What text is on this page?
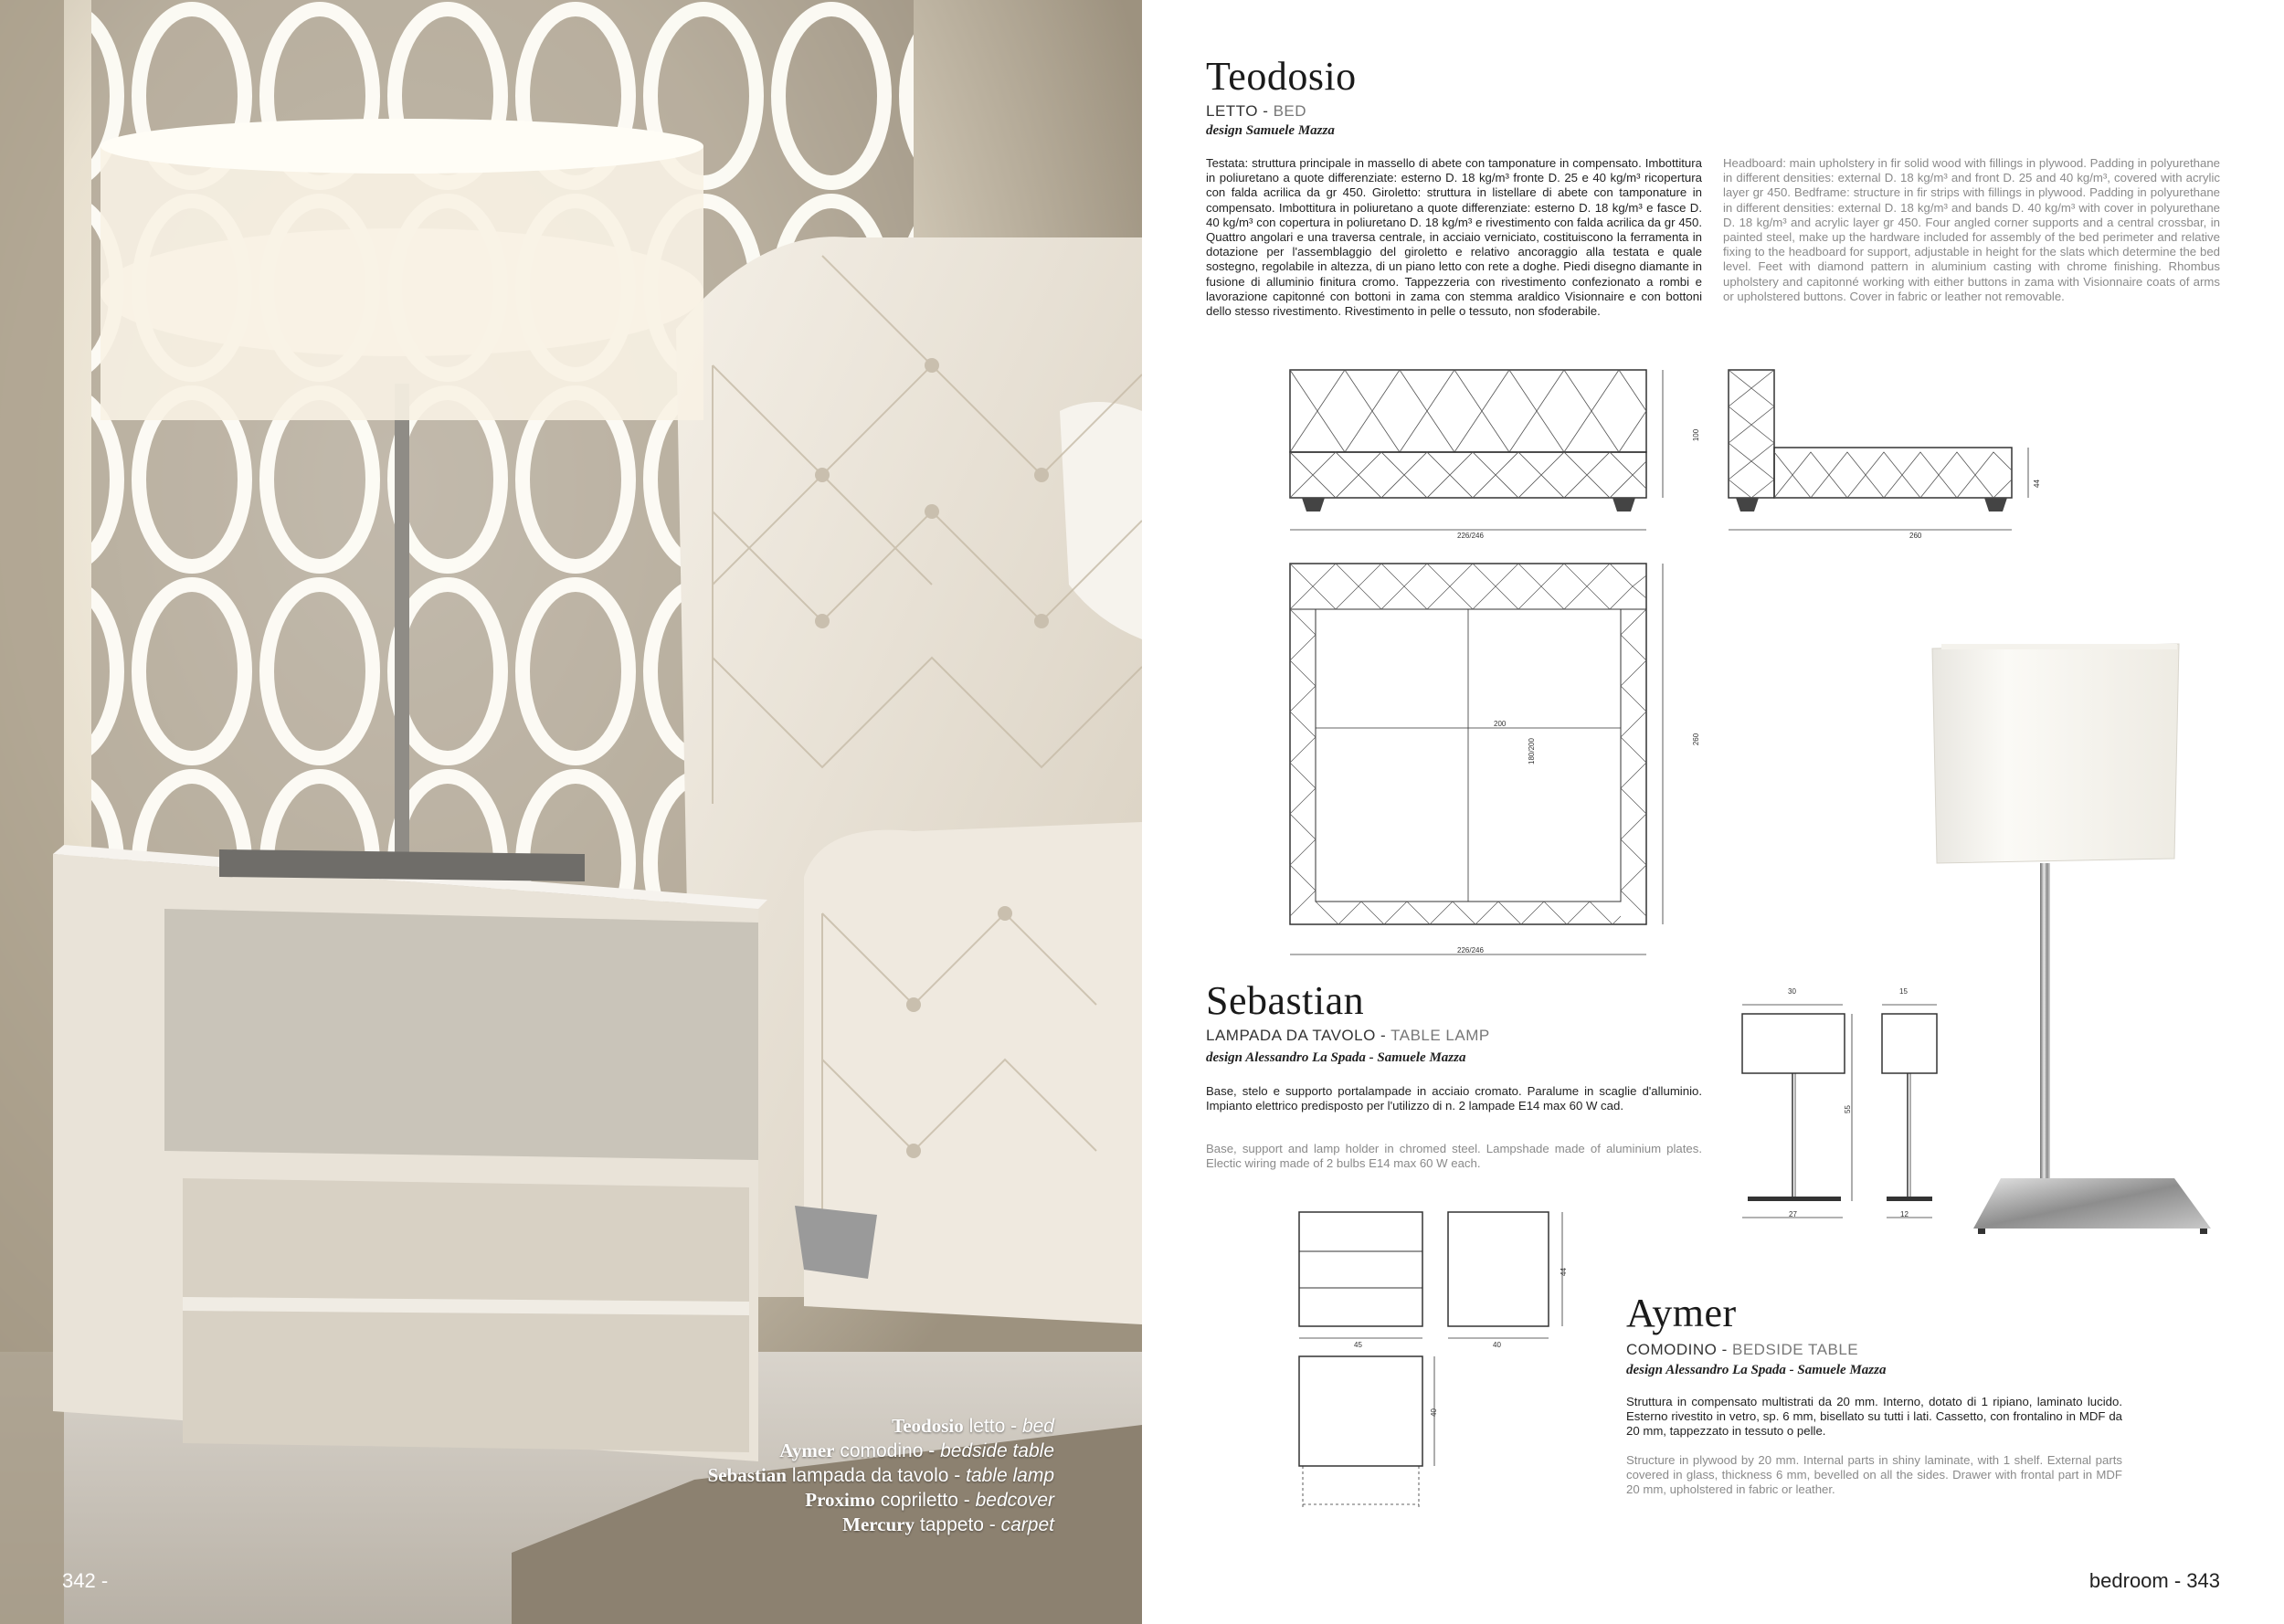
Teodosio letto - bed
Aymer comodino - bedside table
Sebastian lampada da tavolo - table lamp
Proximo copriletto - bedcover
Mercury tappeto - carpet
342 -
Teodosio
LETTO - BED
design Samuele Mazza
Testata: struttura principale in massello di abete con tamponature in compensato. Imbottitura in poliuretano a quote differenziate: esterno D. 18 kg/m³ fronte D. 25 e 40 kg/m³ ricopertura con falda acrilica da gr 450. Giroletto: struttura in listellare di abete con tamponature in compensato. Imbottitura in poliuretano a quote differenziate: esterno D. 18 kg/m³ e fasce D. 40 kg/m³ con copertura in poliuretano D. 18 kg/m³ e rivestimento con falda acrilica da gr 450. Quattro angolari e una traversa centrale, in acciaio verniciato, costituiscono la ferramenta in dotazione per l'assemblaggio del giroletto e relativo ancoraggio alla testata e quale sostegno, regolabile in altezza, di un piano letto con rete a doghe. Piedi disegno diamante in fusione di alluminio finitura cromo. Tappezzeria con rivestimento confezionato a rombi e lavorazione capitonné con bottoni in zama con stemma araldico Visionnaire e con bottoni dello stesso rivestimento. Rivestimento in pelle o tessuto, non sfoderabile.
Headboard: main upholstery in fir solid wood with fillings in plywood. Padding in polyurethane in different densities: external D. 18 kg/m³ and front D. 25 and 40 kg/m³, covered with acrylic layer gr 450. Bedframe: structure in fir strips with fillings in plywood. Padding in polyurethane in different densities: external D. 18 kg/m³ and bands D. 40 kg/m³ with cover in polyurethane D. 18 kg/m³ and acrylic layer gr 450. Four angled corner supports and a central crossbar, in painted steel, make up the hardware included for assembly of the bed perimeter and relative fixing to the headboard for support, adjustable in height for the slats which determine the bed level. Feet with diamond pattern in aluminium casting with chrome finishing. Rhombus upholstery and capitonné working with either buttons in zama with Visionnaire coats of arms or upholstered buttons. Cover in fabric or leather not removable.
226/246
100
260
44
226/246
260
200
180/200
Sebastian
LAMPADA DA TAVOLO - TABLE LAMP
design Alessandro La Spada - Samuele Mazza
Base, stelo e supporto portalampade in acciaio cromato. Paralume in scaglie d'alluminio. Impianto elettrico predisposto per l'utilizzo di n. 2 lampade E14 max 60 W cad.
Base, support and lamp holder in chromed steel. Lampshade made of aluminium plates. Electic wiring made of 2 bulbs E14 max 60 W each.
30	15
55
27	12
45	40
44
40
Aymer
COMODINO - BEDSIDE TABLE
design Alessandro La Spada - Samuele Mazza
Struttura in compensato multistrati da 20 mm. Interno, dotato di 1 ripiano, laminato lucido. Esterno rivestito in vetro, sp. 6 mm, bisellato su tutti i lati. Cassetto, con frontalino in MDF da 20 mm, tappezzato in tessuto o pelle.
Structure in plywood by 20 mm. Internal parts in shiny laminate, with 1 shelf. External parts covered in glass, thickness 6 mm, bevelled on all the sides. Drawer with frontal part in MDF 20 mm, upholstered in fabric or leather.
bedroom - 343
